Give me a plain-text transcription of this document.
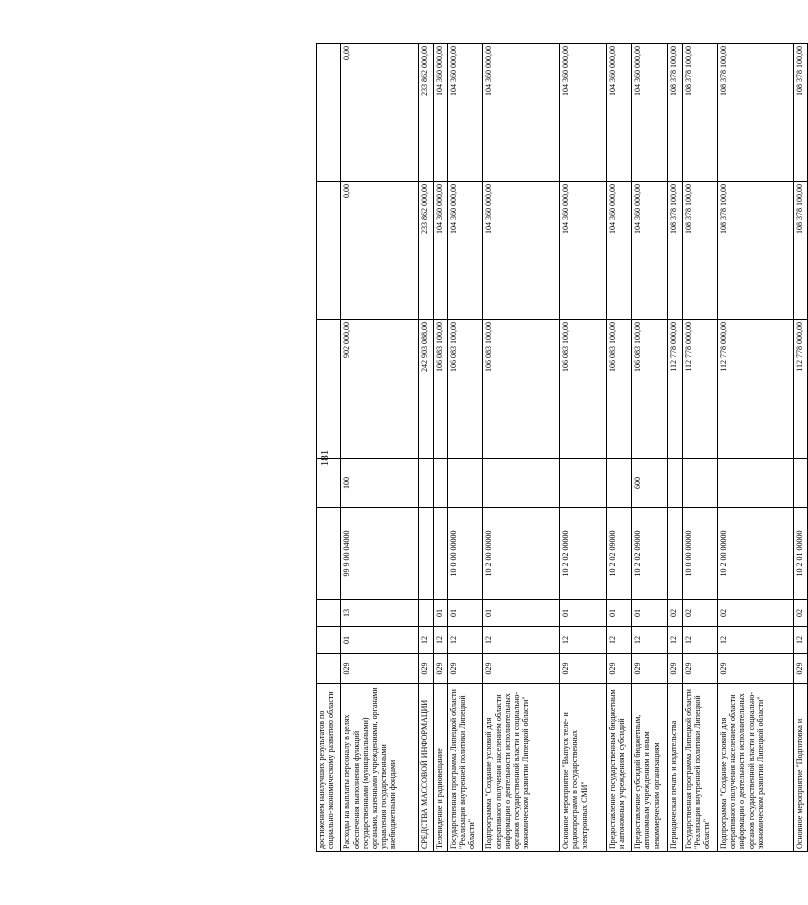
181
достижением наилучших результатов по социально-экономическому развитию области								
Расходы на выплаты персоналу в целях обеспечения выполнения функций государственными (муниципальными) органами, казенными учреждениями, органами управления государственными внебюджетными фондами	029	01	13	99 9 00 04000	100	902 000,00	0,00	0,00
СРЕДСТВА МАССОВОЙ ИНФОРМАЦИИ	029	12				242 903 088,00	233 862 000,00	233 862 000,00
Телевидение и радиовещание	029	12	01			106 083 100,00	104 360 000,00	104 360 000,00
Государственная программа Липецкой области "Реализация внутренней политики Липецкой области"	029	12	01	10 0 00 00000		106 083 100,00	104 360 000,00	104 360 000,00
Подпрограмма "Создание условий для оперативного получения населением области информации о деятельности исполнительных органов государственной власти и социально-экономическом развитии Липецкой области"	029	12	01	10 2 00 00000		106 083 100,00	104 360 000,00	104 360 000,00
Основное мероприятие "Выпуск теле- и радиопрограмм в государственных электронных СМИ"	029	12	01	10 2 02 00000		106 083 100,00	104 360 000,00	104 360 000,00
Предоставление государственным бюджетным и автономным учреждениям субсидий	029	12	01	10 2 02 09000		106 083 100,00	104 360 000,00	104 360 000,00
Предоставление субсидий бюджетным, автономным учреждениям и иным некоммерческим организациям	029	12	01	10 2 02 09000	600	106 083 100,00	104 360 000,00	104 360 000,00
Периодическая печать и издательства	029	12	02			112 778 000,00	108 378 100,00	108 378 100,00
Государственная программа Липецкой области "Реализация внутренней политики Липецкой области"	029	12	02	10 0 00 00000		112 778 000,00	108 378 100,00	108 378 100,00
Подпрограмма "Создание условий для оперативного получения населением области информации о деятельности исполнительных органов государственной власти и социально-экономическом развитии Липецкой области"	029	12	02	10 2 00 00000		112 778 000,00	108 378 100,00	108 378 100,00
Основное мероприятие "Подготовка и	029	12	02	10 2 01 00000		112 778 000,00	108 378 100,00	108 378 100,00
